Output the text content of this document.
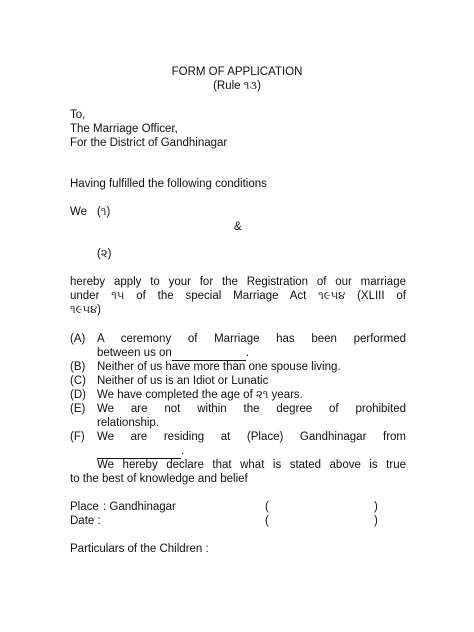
FORM OF APPLICATION
(Rule ૧૩)
To,
The Marriage Officer,
For the District of Gandhinagar
Having fulfilled the following conditions
We (૧)
&
(૨)
hereby apply to your for the Registration of our marriage
under ૧૫ of the special Marriage Act ૧૯૫૪ (XLIII of
૧૯૫૪)
(A) A ceremony of Marriage has been performed
between us on	.
(B) Neither of us have more than one spouse living.
(C) Neither of us is an Idiot or Lunatic
(D) We have completed the age of ૨૧ years.
(E) We are not within the degree of prohibited
relationship.
(F) We are residing at (Place) Gandhinagar from
.
We hereby declare that what is stated above is true
to the best of knowledge and belief
Place : Gandhinagar	(	)
Date :	(	)
Particulars of the Children :
